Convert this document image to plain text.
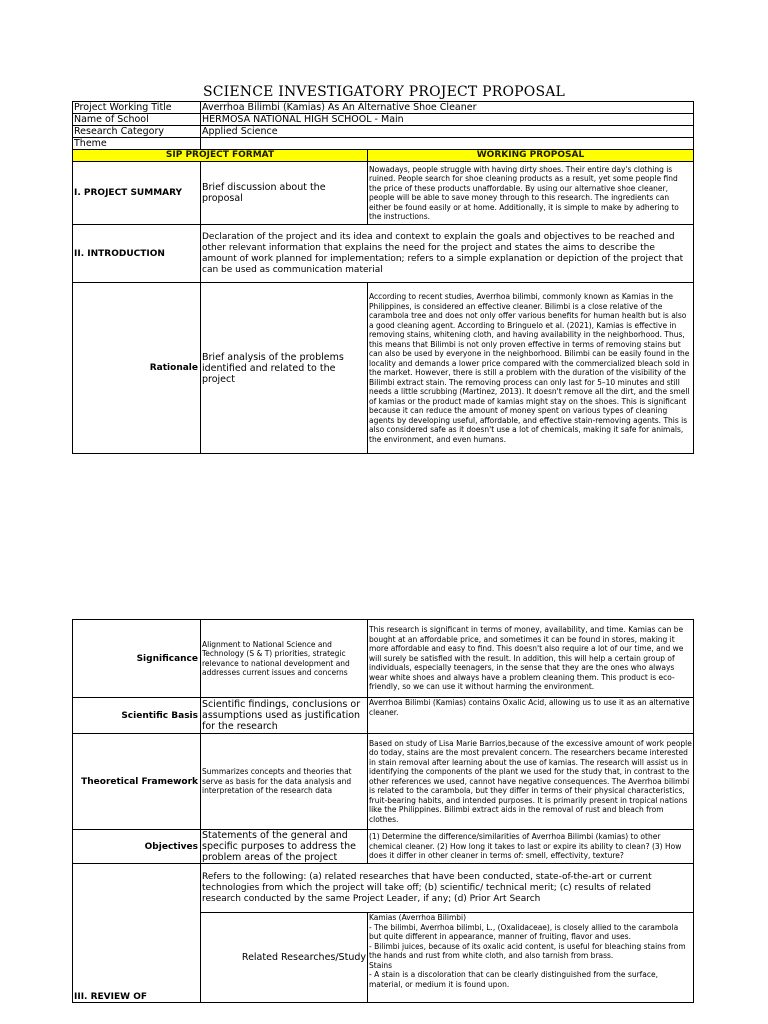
SCIENCE INVESTIGATORY PROJECT PROPOSAL
Project Working Title	Averrhoa Bilimbi (Kamias) As An Alternative Shoe Cleaner	
Name of School	HERMOSA NATIONAL HIGH SCHOOL - Main	
Research Category	Applied Science	
Theme		
SIP PROJECT FORMAT		WORKING PROPOSAL
I. PROJECT SUMMARY	Brief discussion about the proposal	Nowadays, people struggle with having dirty shoes. Their entire day's clothing is ruined. People search for shoe cleaning products as a result, yet some people find the price of these products unaffordable. By using our alternative shoe cleaner, people will be able to save money through to this research. The ingredients can either be found easily or at home. Additionally, it is simple to make by adhering to the instructions.
II. INTRODUCTION	Declaration of the project and its idea and context to explain the goals and objectives to be reached and other relevant information that explains the need for the project and states the aims to describe the amount of work planned for implementation; refers to a simple explanation or depiction of the project that can be used as communication material	
Rationale	Brief analysis of the problems identified and related to the project	According to recent studies, Averrhoa bilimbi, commonly known as Kamias in the Philippines, is considered an effective cleaner. Bilimbi is a close relative of the carambola tree and does not only offer various benefits for human health but is also a good cleaning agent. According to Bringuelo et al. (2021), Kamias is effective in removing stains, whitening cloth, and having availability in the neighborhood. Thus, this means that Bilimbi is not only proven effective in terms of removing stains but can also be used by everyone in the neighborhood. Bilimbi can be easily found in the locality and demands a lower price compared with the commercialized bleach sold in the market. However, there is still a problem with the duration of the visibility of the Bilimbi extract stain. The removing process can only last for 5–10 minutes and still needs a little scrubbing (Martinez, 2013). It doesn't remove all the dirt, and the smell of kamias or the product made of kamias might stay on the shoes. This is significant because it can reduce the amount of money spent on various types of cleaning agents by developing useful, affordable, and effective stain-removing agents. This is also considered safe as it doesn't use a lot of chemicals, making it safe for animals, the environment, and even humans.
Significance	Alignment to National Science and Technology (S & T) priorities, strategic relevance to national development and addresses current issues and concerns	This research is significant in terms of money, availability, and time. Kamias can be bought at an affordable price, and sometimes it can be found in stores, making it more affordable and easy to find. This doesn't also require a lot of our time, and we will surely be satisfied with the result. In addition, this will help a certain group of individuals, especially teenagers, in the sense that they are the ones who always wear white shoes and always have a problem cleaning them. This product is eco-friendly, so we can use it without harming the environment.
Scientific Basis	Scientific findings, conclusions or assumptions used as justification for the research	Averrhoa Bilimbi (Kamias) contains Oxalic Acid, allowing us to use it as an alternative cleaner.
Theoretical Framework	Summarizes concepts and theories that serve as basis for the data analysis and interpretation of the research data	Based on study of Lisa Marie Barrios,because of the excessive amount of work people do today, stains are the most prevalent concern. The researchers became interested in stain removal after learning about the use of kamias. The research will assist us in identifying the components of the plant we used for the study that, in contrast to the other references we used, cannot have negative consequences. The Averrhoa bilimbi is related to the carambola, but they differ in terms of their physical characteristics, fruit-bearing habits, and intended purposes. It is primarily present in tropical nations like the Philippines. Bilimbi extract aids in the removal of rust and bleach from clothes.
Objectives	Statements of the general and specific purposes to address the problem areas of the project	(1) Determine the difference/similarities of Averrhoa Bilimbi (kamias) to other chemical cleaner. (2) How long it takes to last or expire its ability to clean? (3) How does it differ in other cleaner in terms of: smell, effectivity, texture?
III. REVIEW OF	Refers to the following: (a) related researches that have been conducted, state-of-the-art or current technologies from which the project will take off; (b) scientific/ technical merit; (c) results of related research conducted by the same Project Leader, if any; (d) Prior Art Search	
	Related Researches/Study	Kamias (Averrhoa Bilimbi)
- The bilimbi, Averrhoa bilimbi, L., (Oxalidaceae), is closely allied to the carambola but quite different in appearance, manner of fruiting, flavor and uses.
- Bilimbi juices, because of its oxalic acid content, is useful for bleaching stains from the hands and rust from white cloth, and also tarnish from brass.
Stains
- A stain is a discoloration that can be clearly distinguished from the surface, material, or medium it is found upon.
